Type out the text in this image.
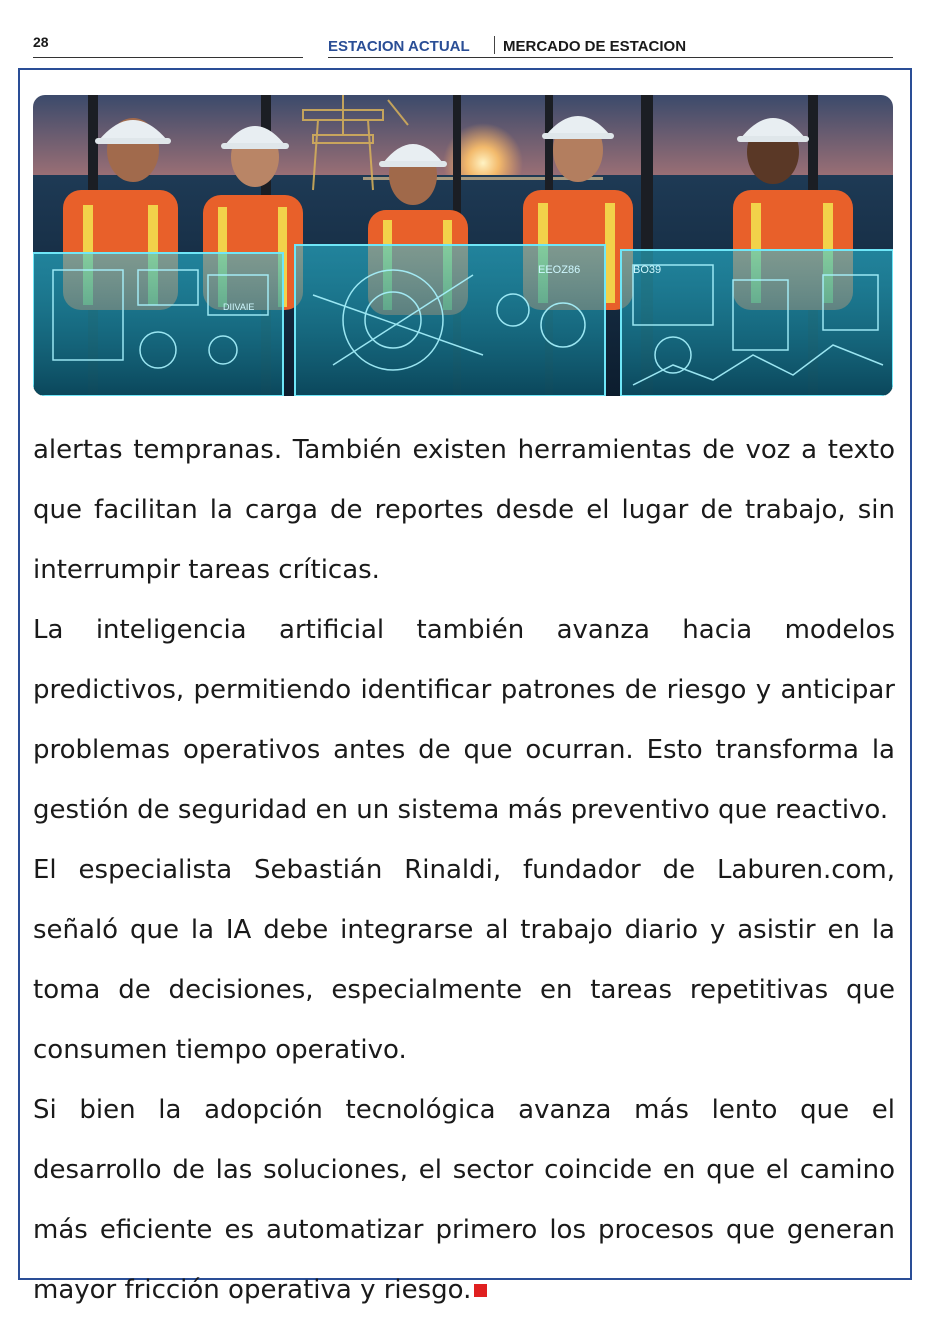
28	ESTACION ACTUAL MERCADO DE ESTACION
EEOZ86
DIIVAIE
BO39

alertas tempranas. También existen herramientas de voz a texto que facilitan la carga de reportes desde el lugar de trabajo, sin interrumpir tareas críticas.

La inteligencia artificial también avanza hacia modelos predictivos, permitiendo identificar patrones de riesgo y anticipar problemas operativos antes de que ocurran. Esto transforma la gestión de seguridad en un sistema más preventivo que reactivo.

El especialista Sebastián Rinaldi, fundador de Laburen.com, señaló que la IA debe integrarse al trabajo diario y asistir en la toma de decisiones, especialmente en tareas repetitivas que consumen tiempo operativo.

Si bien la adopción tecnológica avanza más lento que el desarrollo de las soluciones, el sector coincide en que el camino más eficiente es automatizar primero los procesos que generan mayor fricción operativa y riesgo.
